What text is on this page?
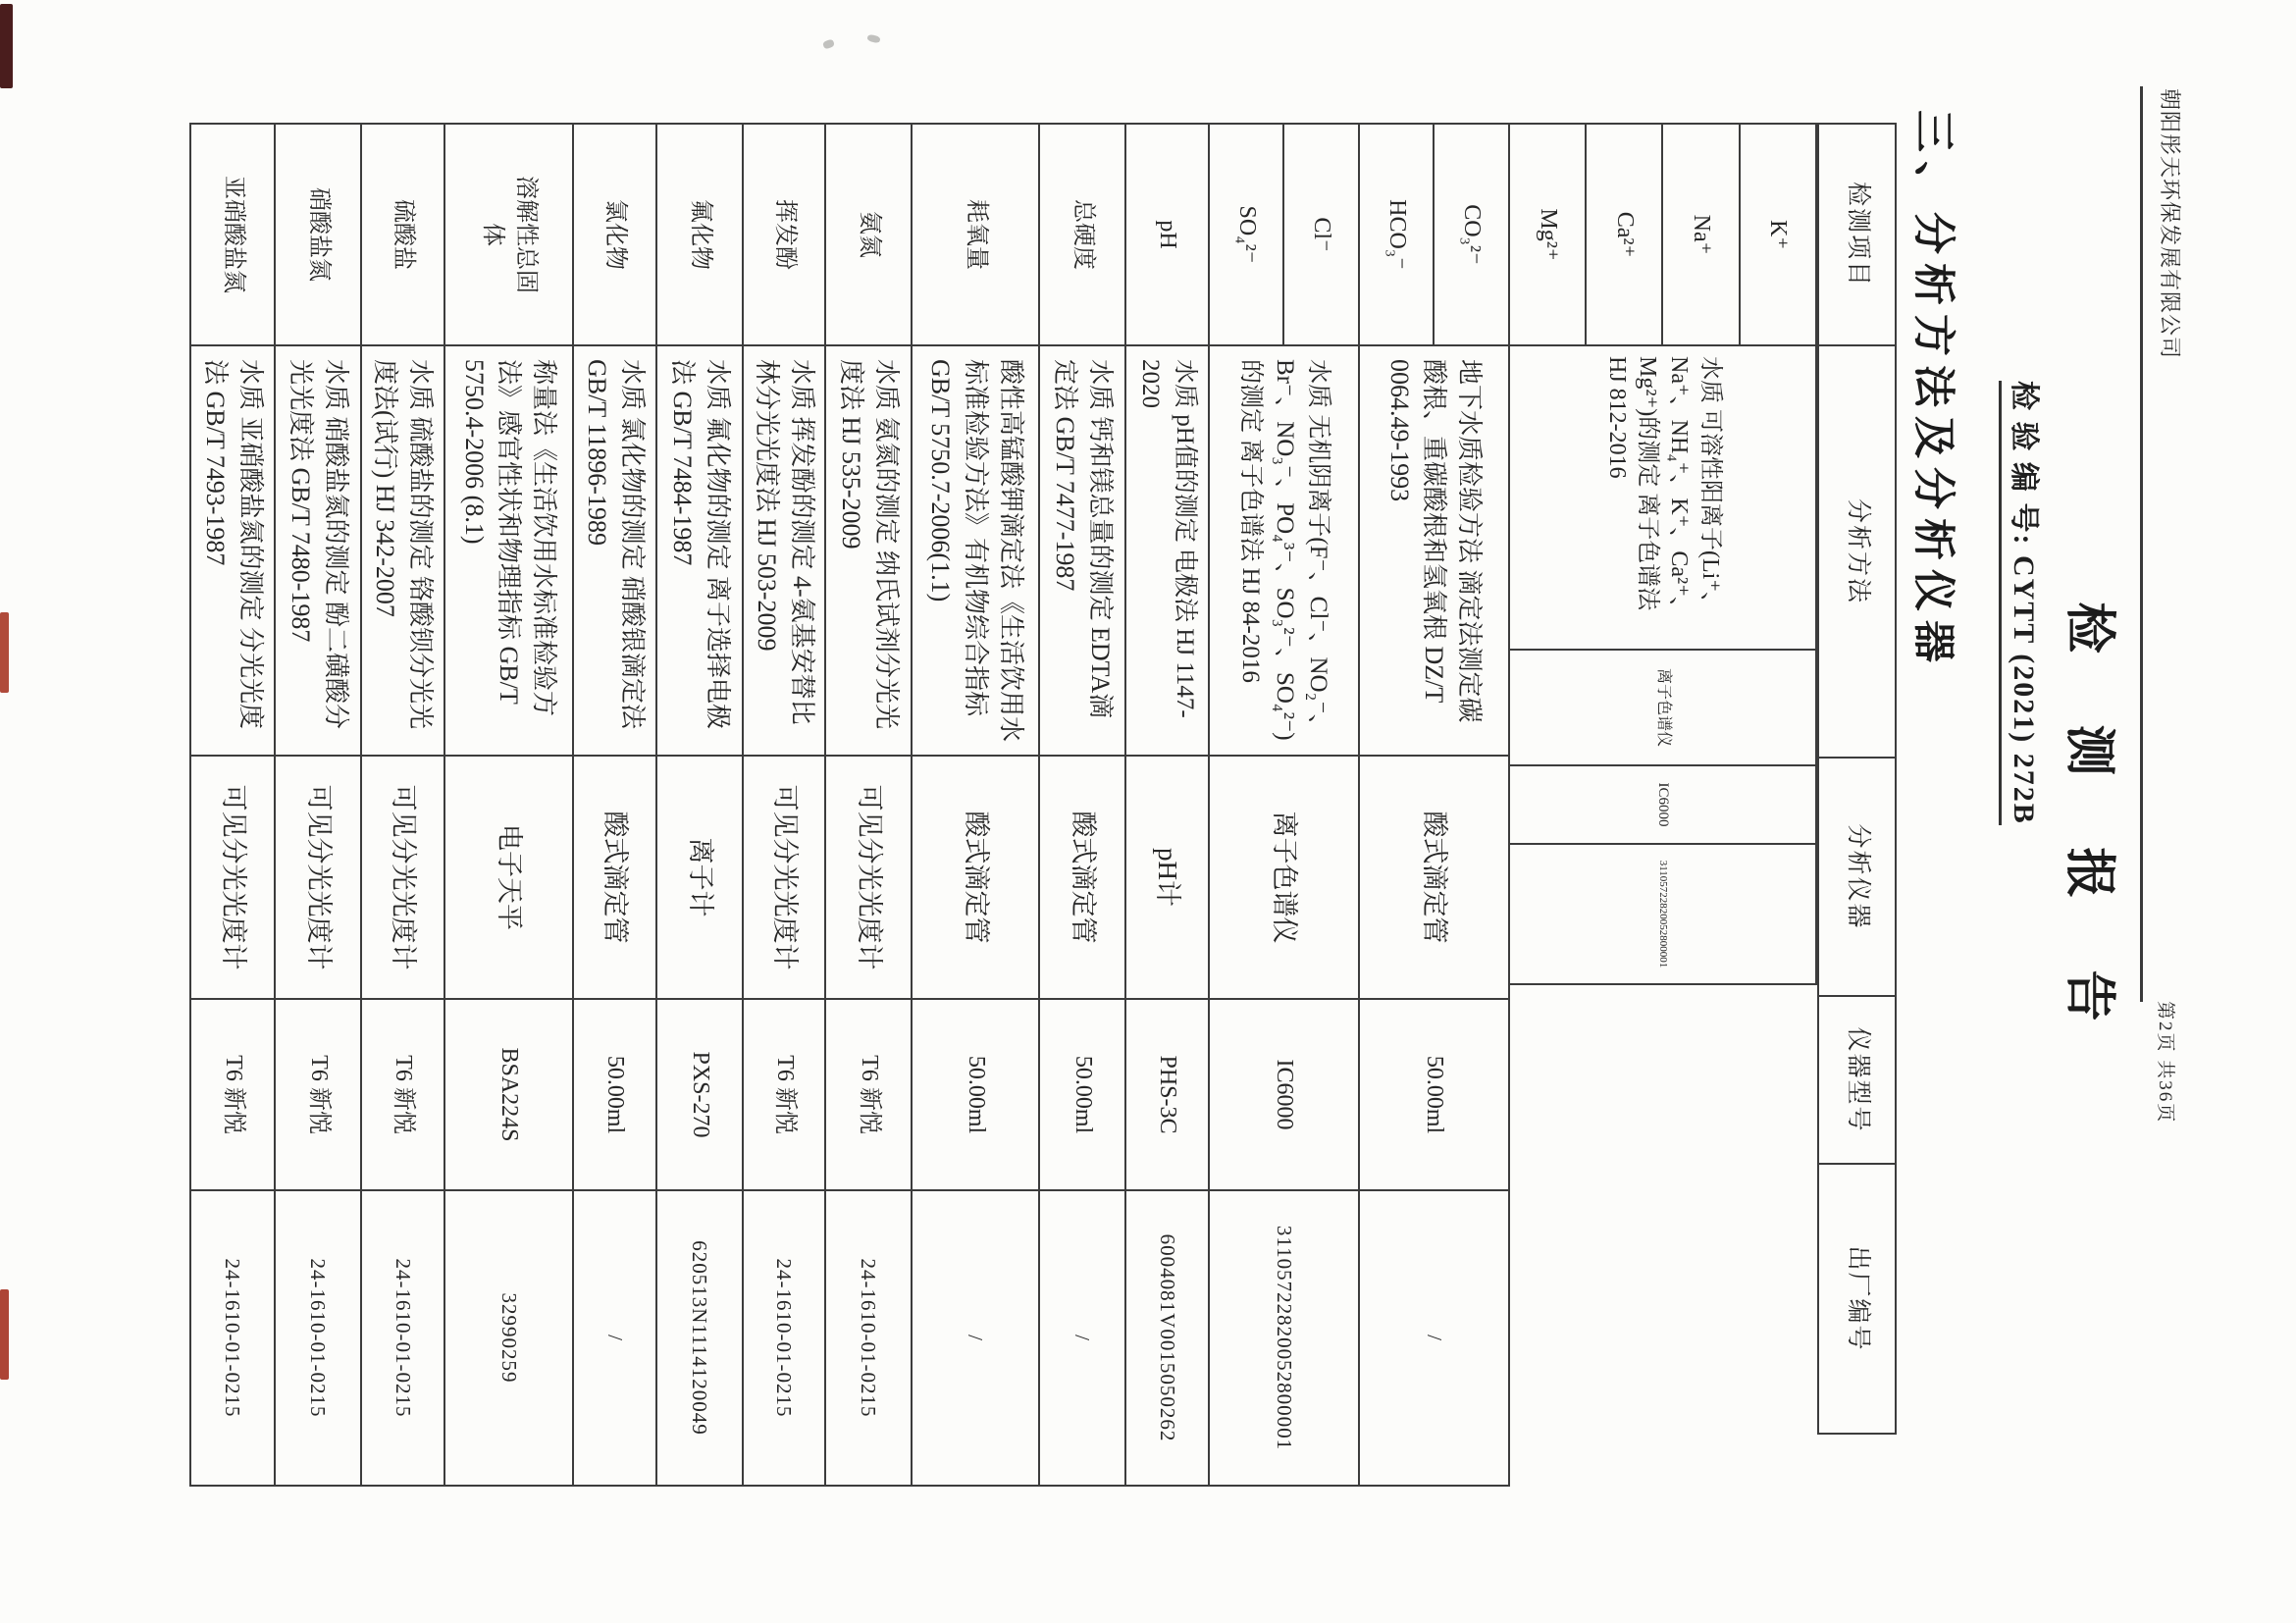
朝阳彤天环保发展有限公司
第2页 共36页
检 测 报 告
检 验 编 号: CYTT (2021) 272B
三、分析方法及分析仪器
检测项目
分析方法
分析仪器
仪器型号
出厂编号
K⁺
Na⁺
Ca²⁺
Mg²⁺
水质 可溶性阳离子(Li⁺、Na⁺、NH₄⁺、K⁺、Ca²⁺、Mg²⁺)的测定 离子色谱法 HJ 812-2016
离子色谱仪
IC6000
31105722820052800001
CO₃²⁻
HCO₃⁻
地下水质检验方法 滴定法测定碳酸根、重碳酸根和氢氧根 DZ/T 0064.49-1993
酸式滴定管
50.00ml
/
Cl⁻
SO₄²⁻
水质 无机阴离子(F⁻、Cl⁻、NO₂⁻、Br⁻、NO₃⁻、PO₄³⁻、SO₃²⁻、SO₄²⁻)的测定 离子色谱法 HJ 84-2016
离子色谱仪
IC6000
31105722820052800001
pH
水质 pH值的测定 电极法 HJ 1147-2020
pH计
PHS-3C
6004081V0015050262
总硬度
水质 钙和镁总量的测定 EDTA滴定法 GB/T 7477-1987
酸式滴定管
50.00ml
/
耗氧量
酸性高锰酸钾滴定法《生活饮用水标准检验方法》有机物综合指标 GB/T 5750.7-2006(1.1)
酸式滴定管
50.00ml
/
氨氮
水质 氨氮的测定 纳氏试剂分光光度法 HJ 535-2009
可见分光光度计
T6 新悦
24-1610-01-0215
挥发酚
水质 挥发酚的测定 4-氨基安替比林分光光度法 HJ 503-2009
可见分光光度计
T6 新悦
24-1610-01-0215
氟化物
水质 氟化物的测定 离子选择电极法 GB/T 7484-1987
离子计
PXS-270
620513N1114120049
氯化物
水质 氯化物的测定 硝酸银滴定法 GB/T 11896-1989
酸式滴定管
50.00ml
/
溶解性总固体
称量法《生活饮用水标准检验方法》感官性状和物理指标 GB/T 5750.4-2006 (8.1)
电子天平
BSA224S
32990259
硫酸盐
水质 硫酸盐的测定 铬酸钡分光光度法(试行) HJ 342-2007
可见分光光度计
T6 新悦
24-1610-01-0215
硝酸盐氮
水质 硝酸盐氮的测定 酚二磺酸分光光度法 GB/T 7480-1987
可见分光光度计
T6 新悦
24-1610-01-0215
亚硝酸盐氮
水质 亚硝酸盐氮的测定 分光光度法 GB/T 7493-1987
可见分光光度计
T6 新悦
24-1610-01-0215
